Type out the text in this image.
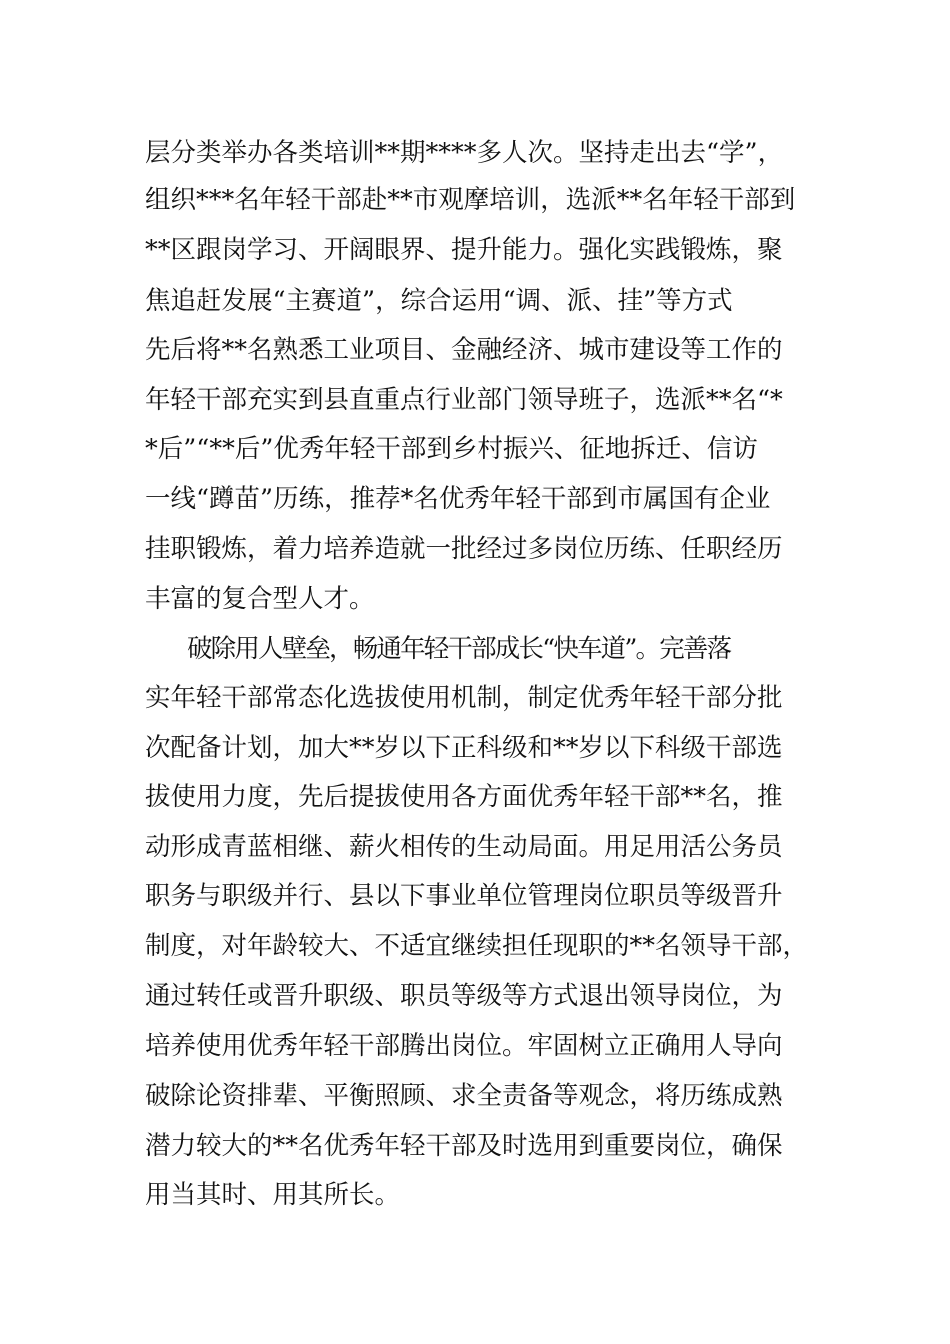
层分类举办各类培训**期****多人次。坚持走出去“学”，
组织***名年轻干部赴**市观摩培训，选派**名年轻干部到
**区跟岗学习、开阔眼界、提升能力。强化实践锻炼，聚
焦追赶发展“主赛道”，综合运用“调、派、挂”等方式
先后将**名熟悉工业项目、金融经济、城市建设等工作的
年轻干部充实到县直重点行业部门领导班子，选派**名“*
*后”“**后”优秀年轻干部到乡村振兴、征地拆迁、信访
一线“蹲苗”历练，推荐*名优秀年轻干部到市属国有企业
挂职锻炼，着力培养造就一批经过多岗位历练、任职经历
丰富的复合型人才。
破除用人壁垒，畅通年轻干部成长“快车道”。完善落
实年轻干部常态化选拔使用机制，制定优秀年轻干部分批
次配备计划，加大**岁以下正科级和**岁以下科级干部选
拔使用力度，先后提拔使用各方面优秀年轻干部**名，推
动形成青蓝相继、薪火相传的生动局面。用足用活公务员
职务与职级并行、县以下事业单位管理岗位职员等级晋升
制度，对年龄较大、不适宜继续担任现职的**名领导干部，
通过转任或晋升职级、职员等级等方式退出领导岗位，为
培养使用优秀年轻干部腾出岗位。牢固树立正确用人导向
破除论资排辈、平衡照顾、求全责备等观念，将历练成熟
潜力较大的**名优秀年轻干部及时选用到重要岗位，确保
用当其时、用其所长。
